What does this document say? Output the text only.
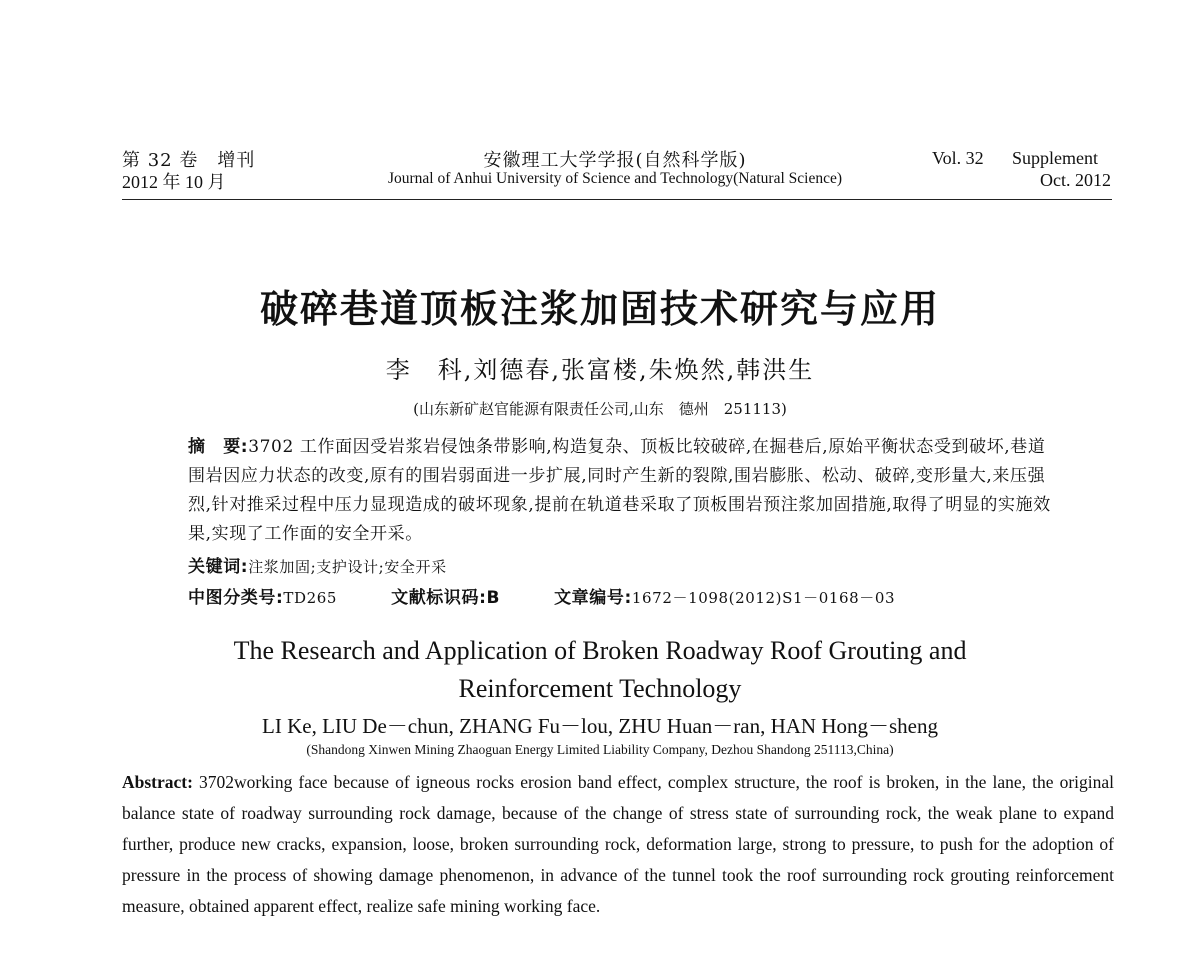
第 32 卷　增刊
2012 年 10 月
安徽理工大学学报(自然科学版)
Journal of Anhui University of Science and Technology(Natural Science)
Vol. 32 Supplement
Oct. 2012
破碎巷道顶板注浆加固技术研究与应用
李　科,刘德春,张富楼,朱焕然,韩洪生
(山东新矿赵官能源有限责任公司,山东　德州　251113)
摘　要:3702 工作面因受岩浆岩侵蚀条带影响,构造复杂、顶板比较破碎,在掘巷后,原始平衡状态受到破坏,巷道围岩因应力状态的改变,原有的围岩弱面进一步扩展,同时产生新的裂隙,围岩膨胀、松动、破碎,变形量大,来压强烈,针对推采过程中压力显现造成的破坏现象,提前在轨道巷采取了顶板围岩预注浆加固措施,取得了明显的实施效果,实现了工作面的安全开采。
关键词:注浆加固;支护设计;安全开采
中图分类号:TD265	文献标识码:B	文章编号:1672－1098(2012)S1－0168－03
The Research and Application of Broken Roadway Roof Grouting and
Reinforcement Technology
LI Ke, LIU De－chun, ZHANG Fu－lou, ZHU Huan－ran, HAN Hong－sheng
(Shandong Xinwen Mining Zhaoguan Energy Limited Liability Company, Dezhou Shandong 251113,China)
Abstract: 3702working face because of igneous rocks erosion band effect, complex structure, the roof is broken, in the lane, the original balance state of roadway surrounding rock damage, because of the change of stress state of surrounding rock, the weak plane to expand further, produce new cracks, expansion, loose, broken surrounding rock, deformation large, strong to pressure, to push for the adoption of pressure in the process of showing damage phenomenon, in advance of the tunnel took the roof surrounding rock grouting reinforcement measure, obtained apparent effect, realize safe mining working face.
